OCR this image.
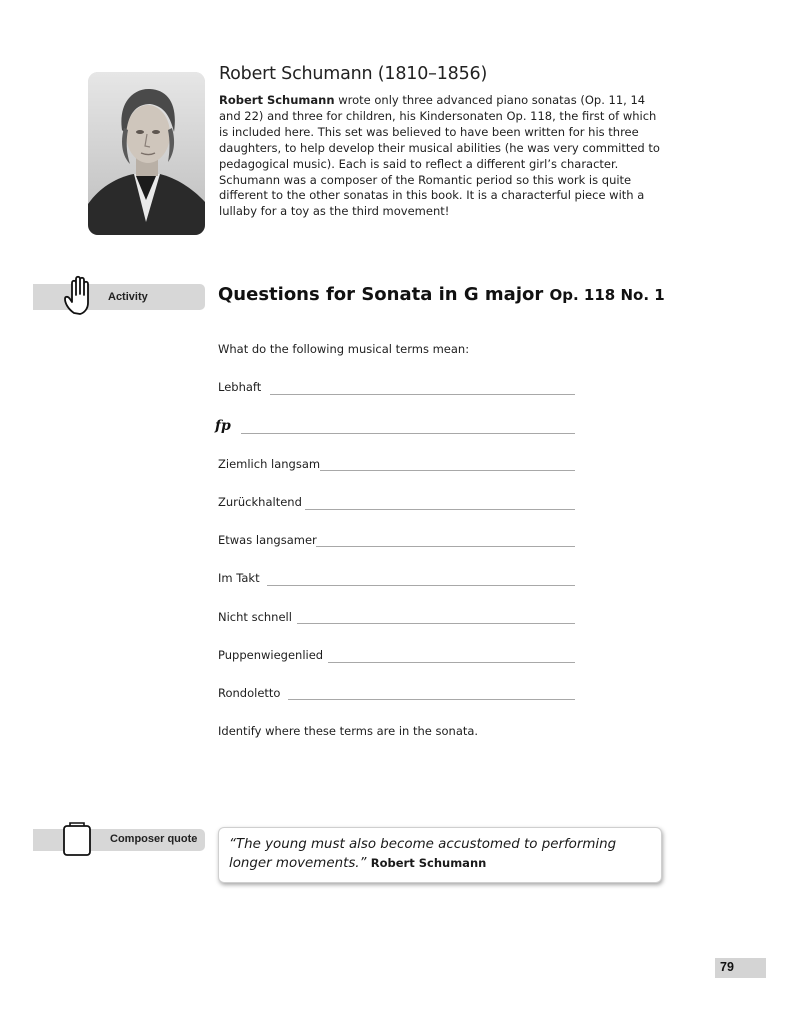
Robert Schumann (1810–1856)
Robert Schumann wrote only three advanced piano sonatas (Op. 11, 14 and 22) and three for children, his Kindersonaten Op. 118, the first of which is included here. This set was believed to have been written for his three daughters, to help develop their musical abilities (he was very committed to pedagogical music). Each is said to reflect a different girl’s character. Schumann was a composer of the Romantic period so this work is quite different to the other sonatas in this book. It is a characterful piece with a lullaby for a toy as the third movement!
Activity	Questions for Sonata in G major Op. 118 No. 1
What do the following musical terms mean:
Lebhaft
fp
Ziemlich langsam
Zurückhaltend
Etwas langsamer
Im Takt
Nicht schnell
Puppenwiegenlied
Rondoletto
Identify where these terms are in the sonata.
Composer quote “The young must also become accustomed to performing longer movements.” Robert Schumann
79
